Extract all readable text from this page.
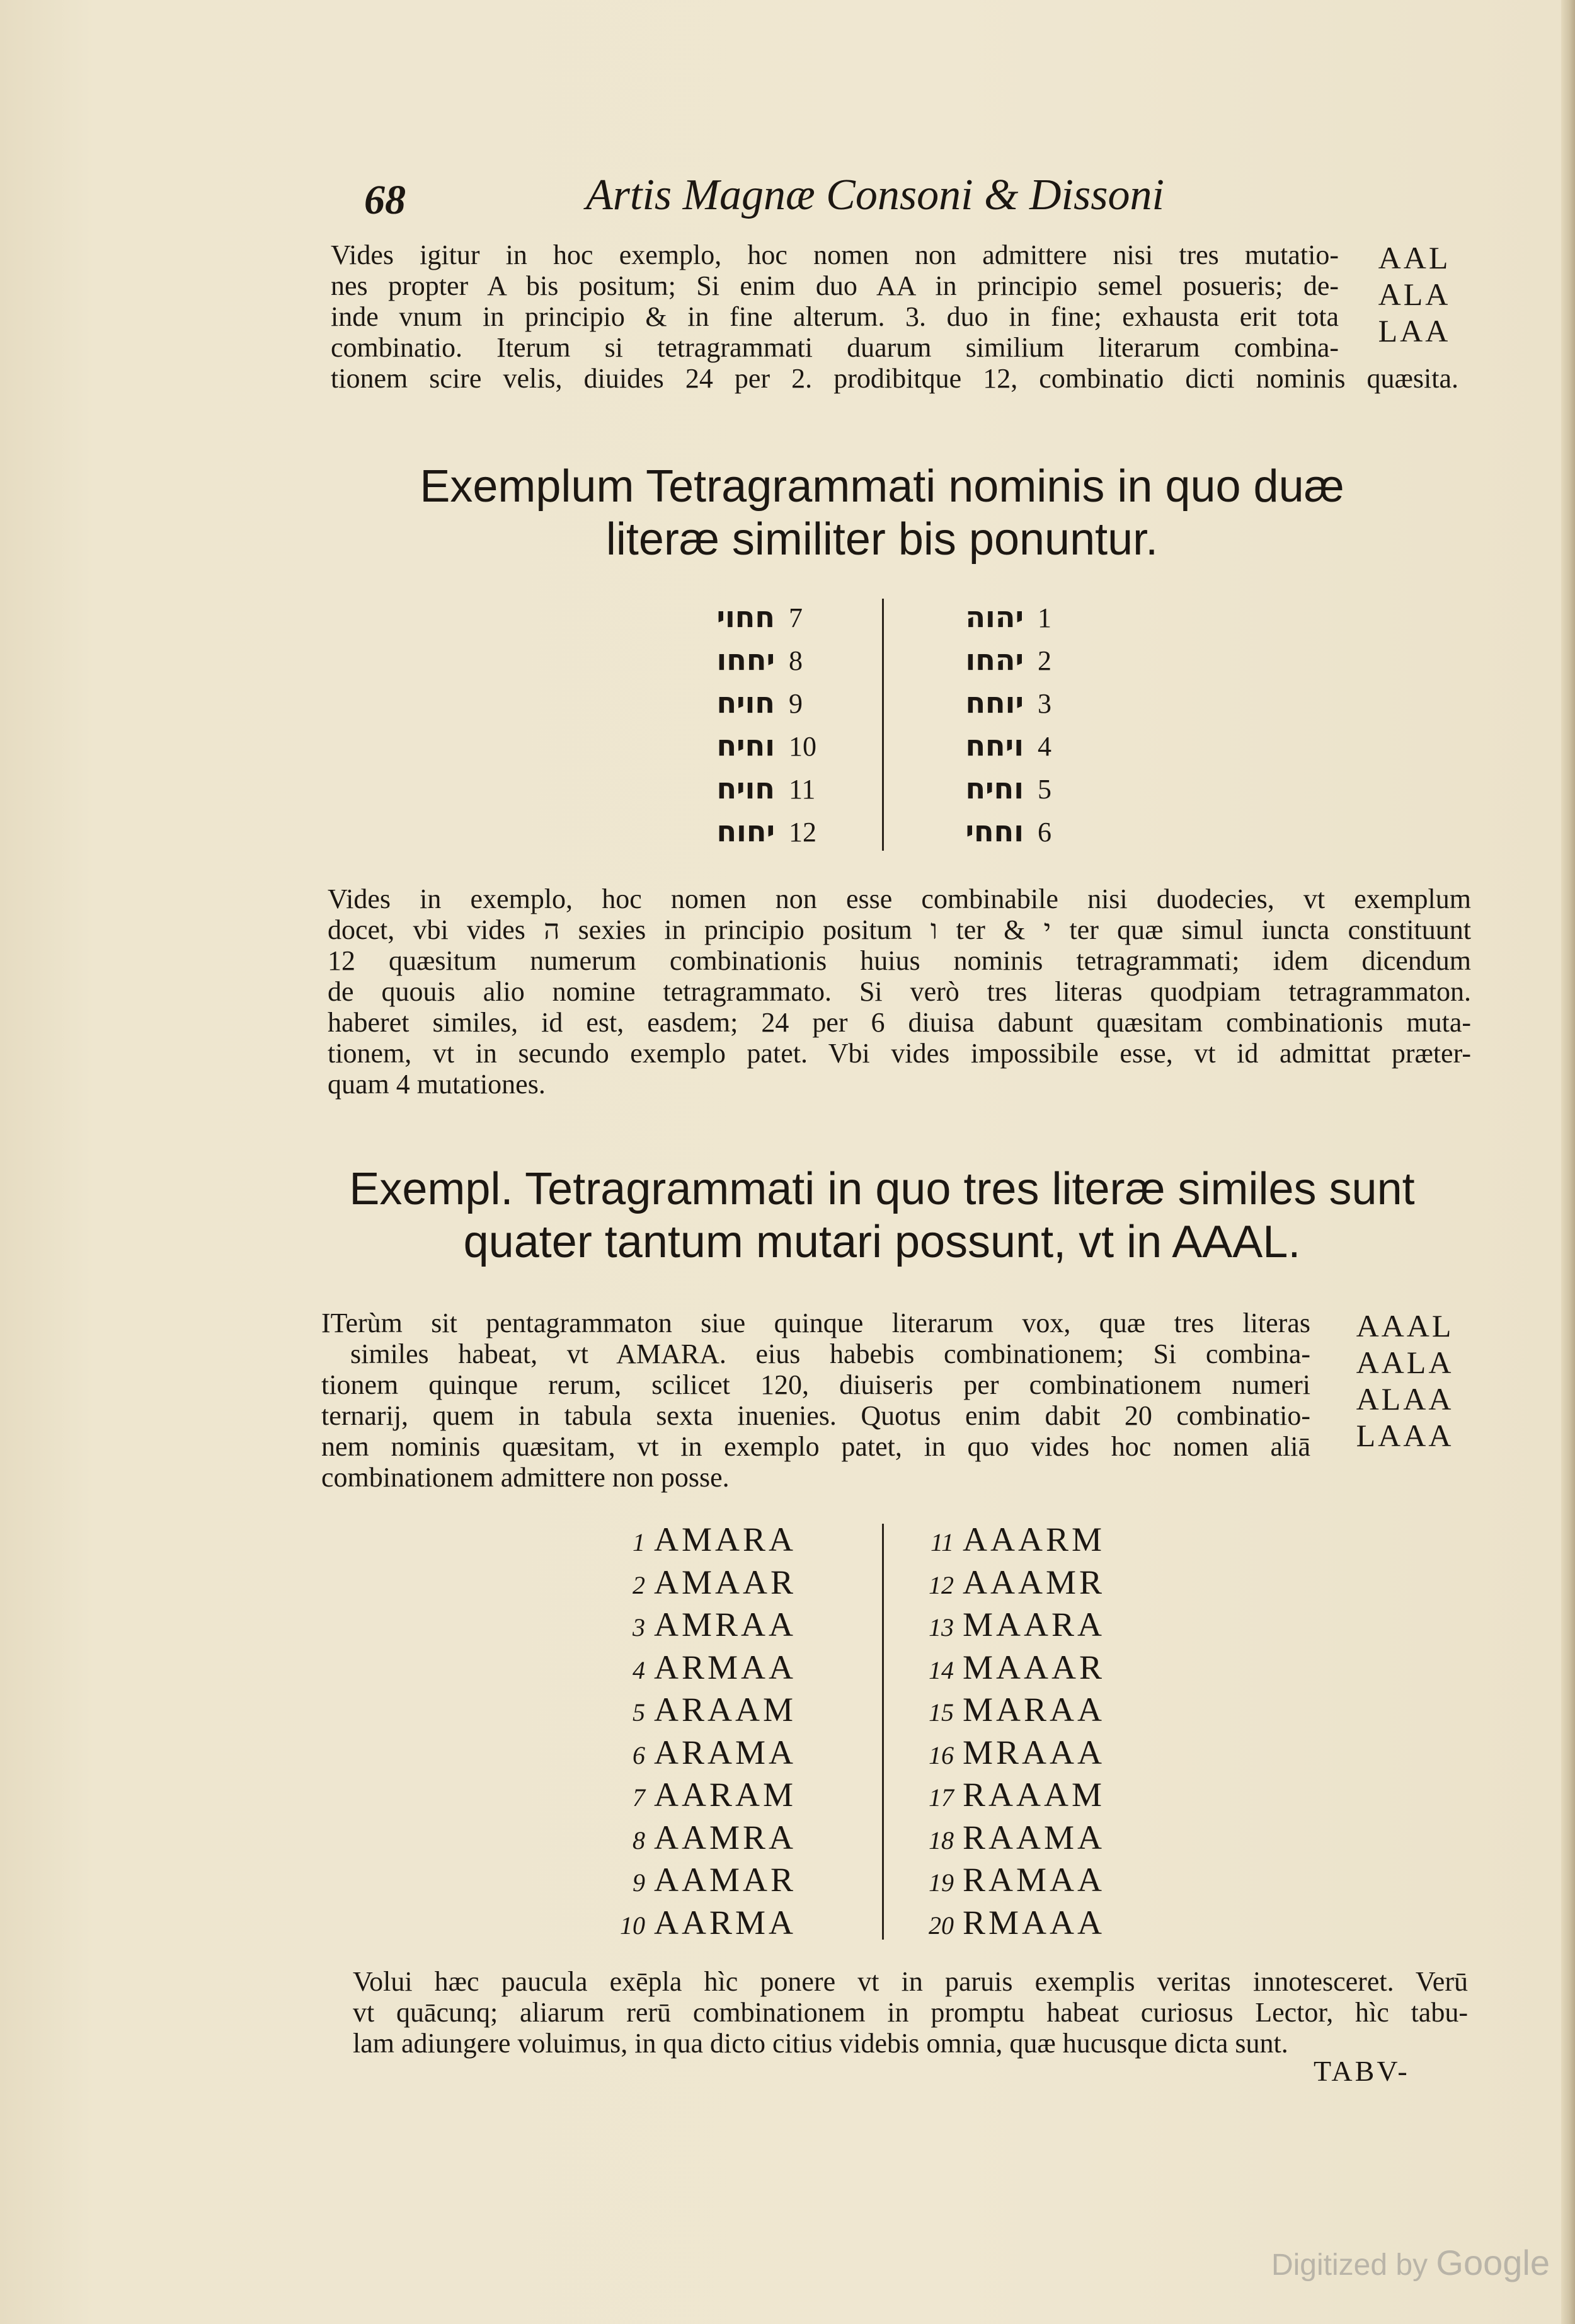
68	Artis Magnæ Consoni & Dissoni
Vides igitur in hoc exemplo, hoc nomen non admittere nisi tres mutatio-
nes propter A bis positum; Si enim duo AA in principio semel posueris; de-
inde vnum in principio & in fine alterum. 3. duo in fine; exhausta erit tota
combinatio. Iterum si tetragrammati duarum similium literarum combina-
tionem scire velis, diuides 24 per 2. prodibitque 12, combinatio dicti nominis quæsita.
AAL
ALA
LAA
Exemplum Tetragrammati nominis in quo duæ
literæ similiter bis ponuntur.
חחוי 7
יחחו 8
חויח 9
וחיח 10
חויח 11
יחוח 12
יהוה 1
יהחו 2
יוחח 3
ויחח 4
וחיח 5
וחחי 6
Vides in exemplo, hoc nomen non esse combinabile nisi duodecies, vt exemplum
docet, vbi vides ה sexies in principio positum ו ter & י ter quæ simul iuncta constituunt
12 quæsitum numerum combinationis huius nominis tetragrammati; idem dicendum
de quouis alio nomine tetragrammato. Si verò tres literas quodpiam tetragrammaton.
haberet similes, id est, easdem; 24 per 6 diuisa dabunt quæsitam combinationis muta-
tionem, vt in secundo exemplo patet. Vbi vides impossibile esse, vt id admittat præter-
quam 4 mutationes.
Exempl. Tetragrammati in quo tres literæ similes sunt
quater tantum mutari possunt, vt in AAAL.
ITerùm sit pentagrammaton siue quinque literarum vox, quæ tres literas
similes habeat, vt AMARA. eius habebis combinationem; Si combina-
tionem quinque rerum, scilicet 120, diuiseris per combinationem numeri
ternarij, quem in tabula sexta inuenies. Quotus enim dabit 20 combinatio-
nem nominis quæsitam, vt in exemplo patet, in quo vides hoc nomen aliā
combinationem admittere non posse.
AAAL
AALA
ALAA
LAAA
1 AMARA
2 AMAAR
3 AMRAA
4 ARMAA
5 ARAAM
6 ARAMA
7 AARAM
8 AAMRA
9 AAMAR
10 AARMA
11 AAARM
12 AAAMR
13 MAARA
14 MAAAR
15 MARAA
16 MRAAA
17 RAAAM
18 RAAMA
19 RAMAA
20 RMAAA
Volui hæc paucula exēpla hìc ponere vt in paruis exemplis veritas innotesceret. Verū
vt quācunq; aliarum rerū combinationem in promptu habeat curiosus Lector, hìc tabu-
lam adiungere voluimus, in qua dicto citius videbis omnia, quæ hucusque dicta sunt.
TABV-
Digitized by Google
